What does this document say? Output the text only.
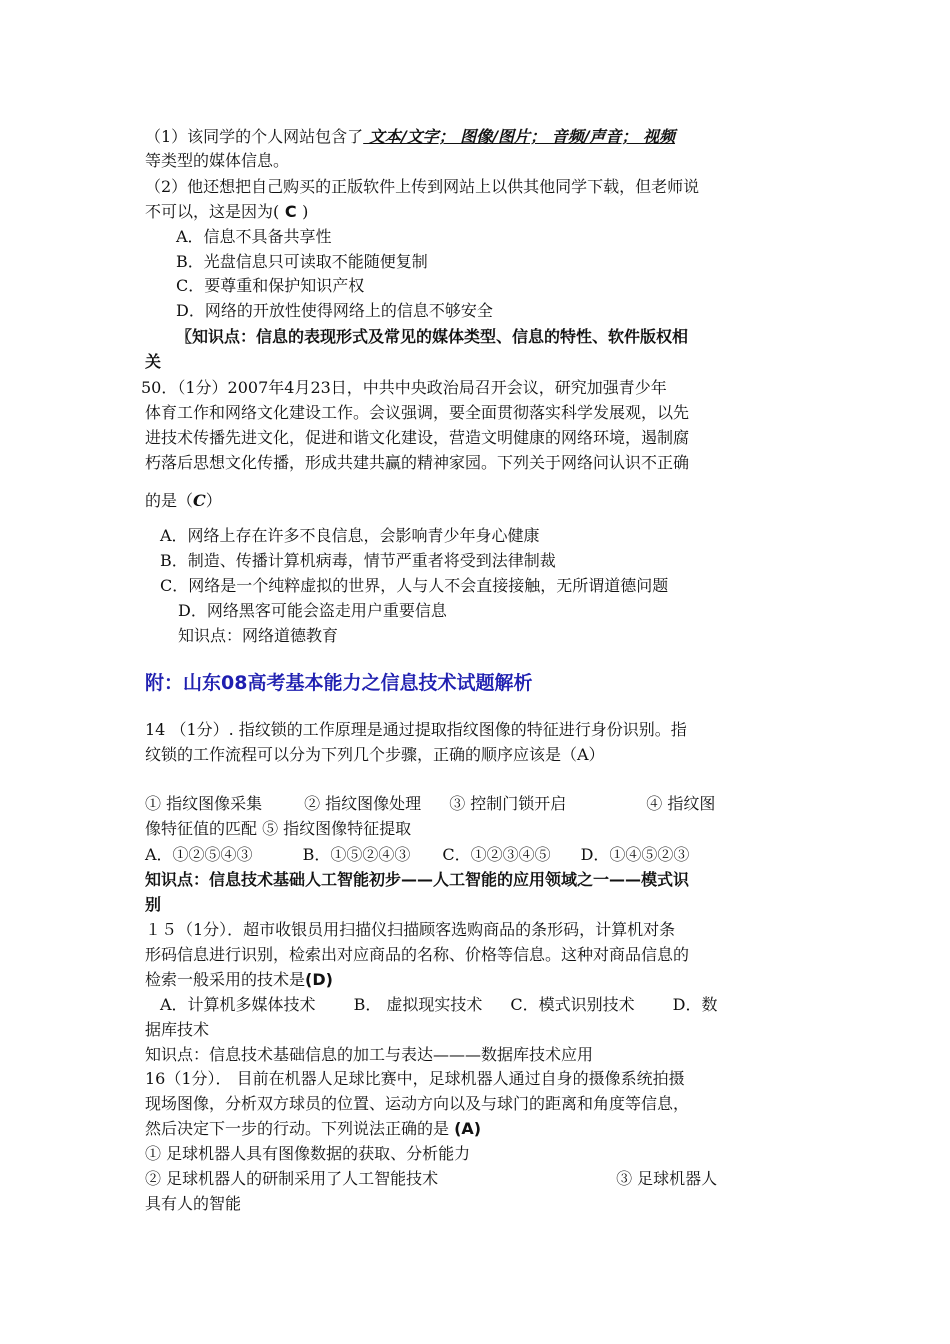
（1）该同学的个人网站包含了 文本/文字； 图像/图片； 音频/声音； 视频
等类型的媒体信息。
（2）他还想把自己购买的正版软件上传到网站上以供其他同学下载，但老师说
不可以，这是因为( C )
A．信息不具备共享性
B．光盘信息只可读取不能随便复制
C．要尊重和保护知识产权
D．网络的开放性使得网络上的信息不够安全
〖知识点：信息的表现形式及常见的媒体类型、信息的特性、软件版权相
关
50．（1分）2007年4月23日，中共中央政治局召开会议，研究加强青少年
体育工作和网络文化建设工作。会议强调，要全面贯彻落实科学发展观，以先
进技术传播先进文化，促进和谐文化建设，营造文明健康的网络环境，遏制腐
朽落后思想文化传播，形成共建共赢的精神家园。下列关于网络问认识不正确
的是（C）
A．网络上存在许多不良信息，会影响青少年身心健康
B．制造、传播计算机病毒，情节严重者将受到法律制裁
C．网络是一个纯粹虚拟的世界，人与人不会直接接触，无所谓道德问题
D．网络黑客可能会盗走用户重要信息
知识点：网络道德教育
附：山东08高考基本能力之信息技术试题解析
14 （1分）. 指纹锁的工作原理是通过提取指纹图像的特征进行身份识别。指
纹锁的工作流程可以分为下列几个步骤，正确的顺序应该是（A）
① 指纹图像采集	② 指纹图像处理 ③ 控制门锁开启	④ 指纹图
像特征值的匹配 ⑤ 指纹图像特征提取
A．①②⑤④③	B．①⑤②④③ C．①②③④⑤ D．①④⑤②③
知识点：信息技术基础人工智能初步——人工智能的应用领域之一——模式识
别
１５（1分）．超市收银员用扫描仪扫描顾客选购商品的条形码，计算机对条
形码信息进行识别，检索出对应商品的名称、价格等信息。这种对商品信息的
检索一般采用的技术是(D)
A．计算机多媒体技术 B． 虚拟现实技术 C．模式识别技术 D．数
据库技术
知识点：信息技术基础信息的加工与表达———数据库技术应用
16（1分）． 目前在机器人足球比赛中，足球机器人通过自身的摄像系统拍摄
现场图像，分析双方球员的位置、运动方向以及与球门的距离和角度等信息，
然后决定下一步的行动。下列说法正确的是 (A)
① 足球机器人具有图像数据的获取、分析能力
② 足球机器人的研制采用了人工智能技术	③ 足球机器人
具有人的智能
